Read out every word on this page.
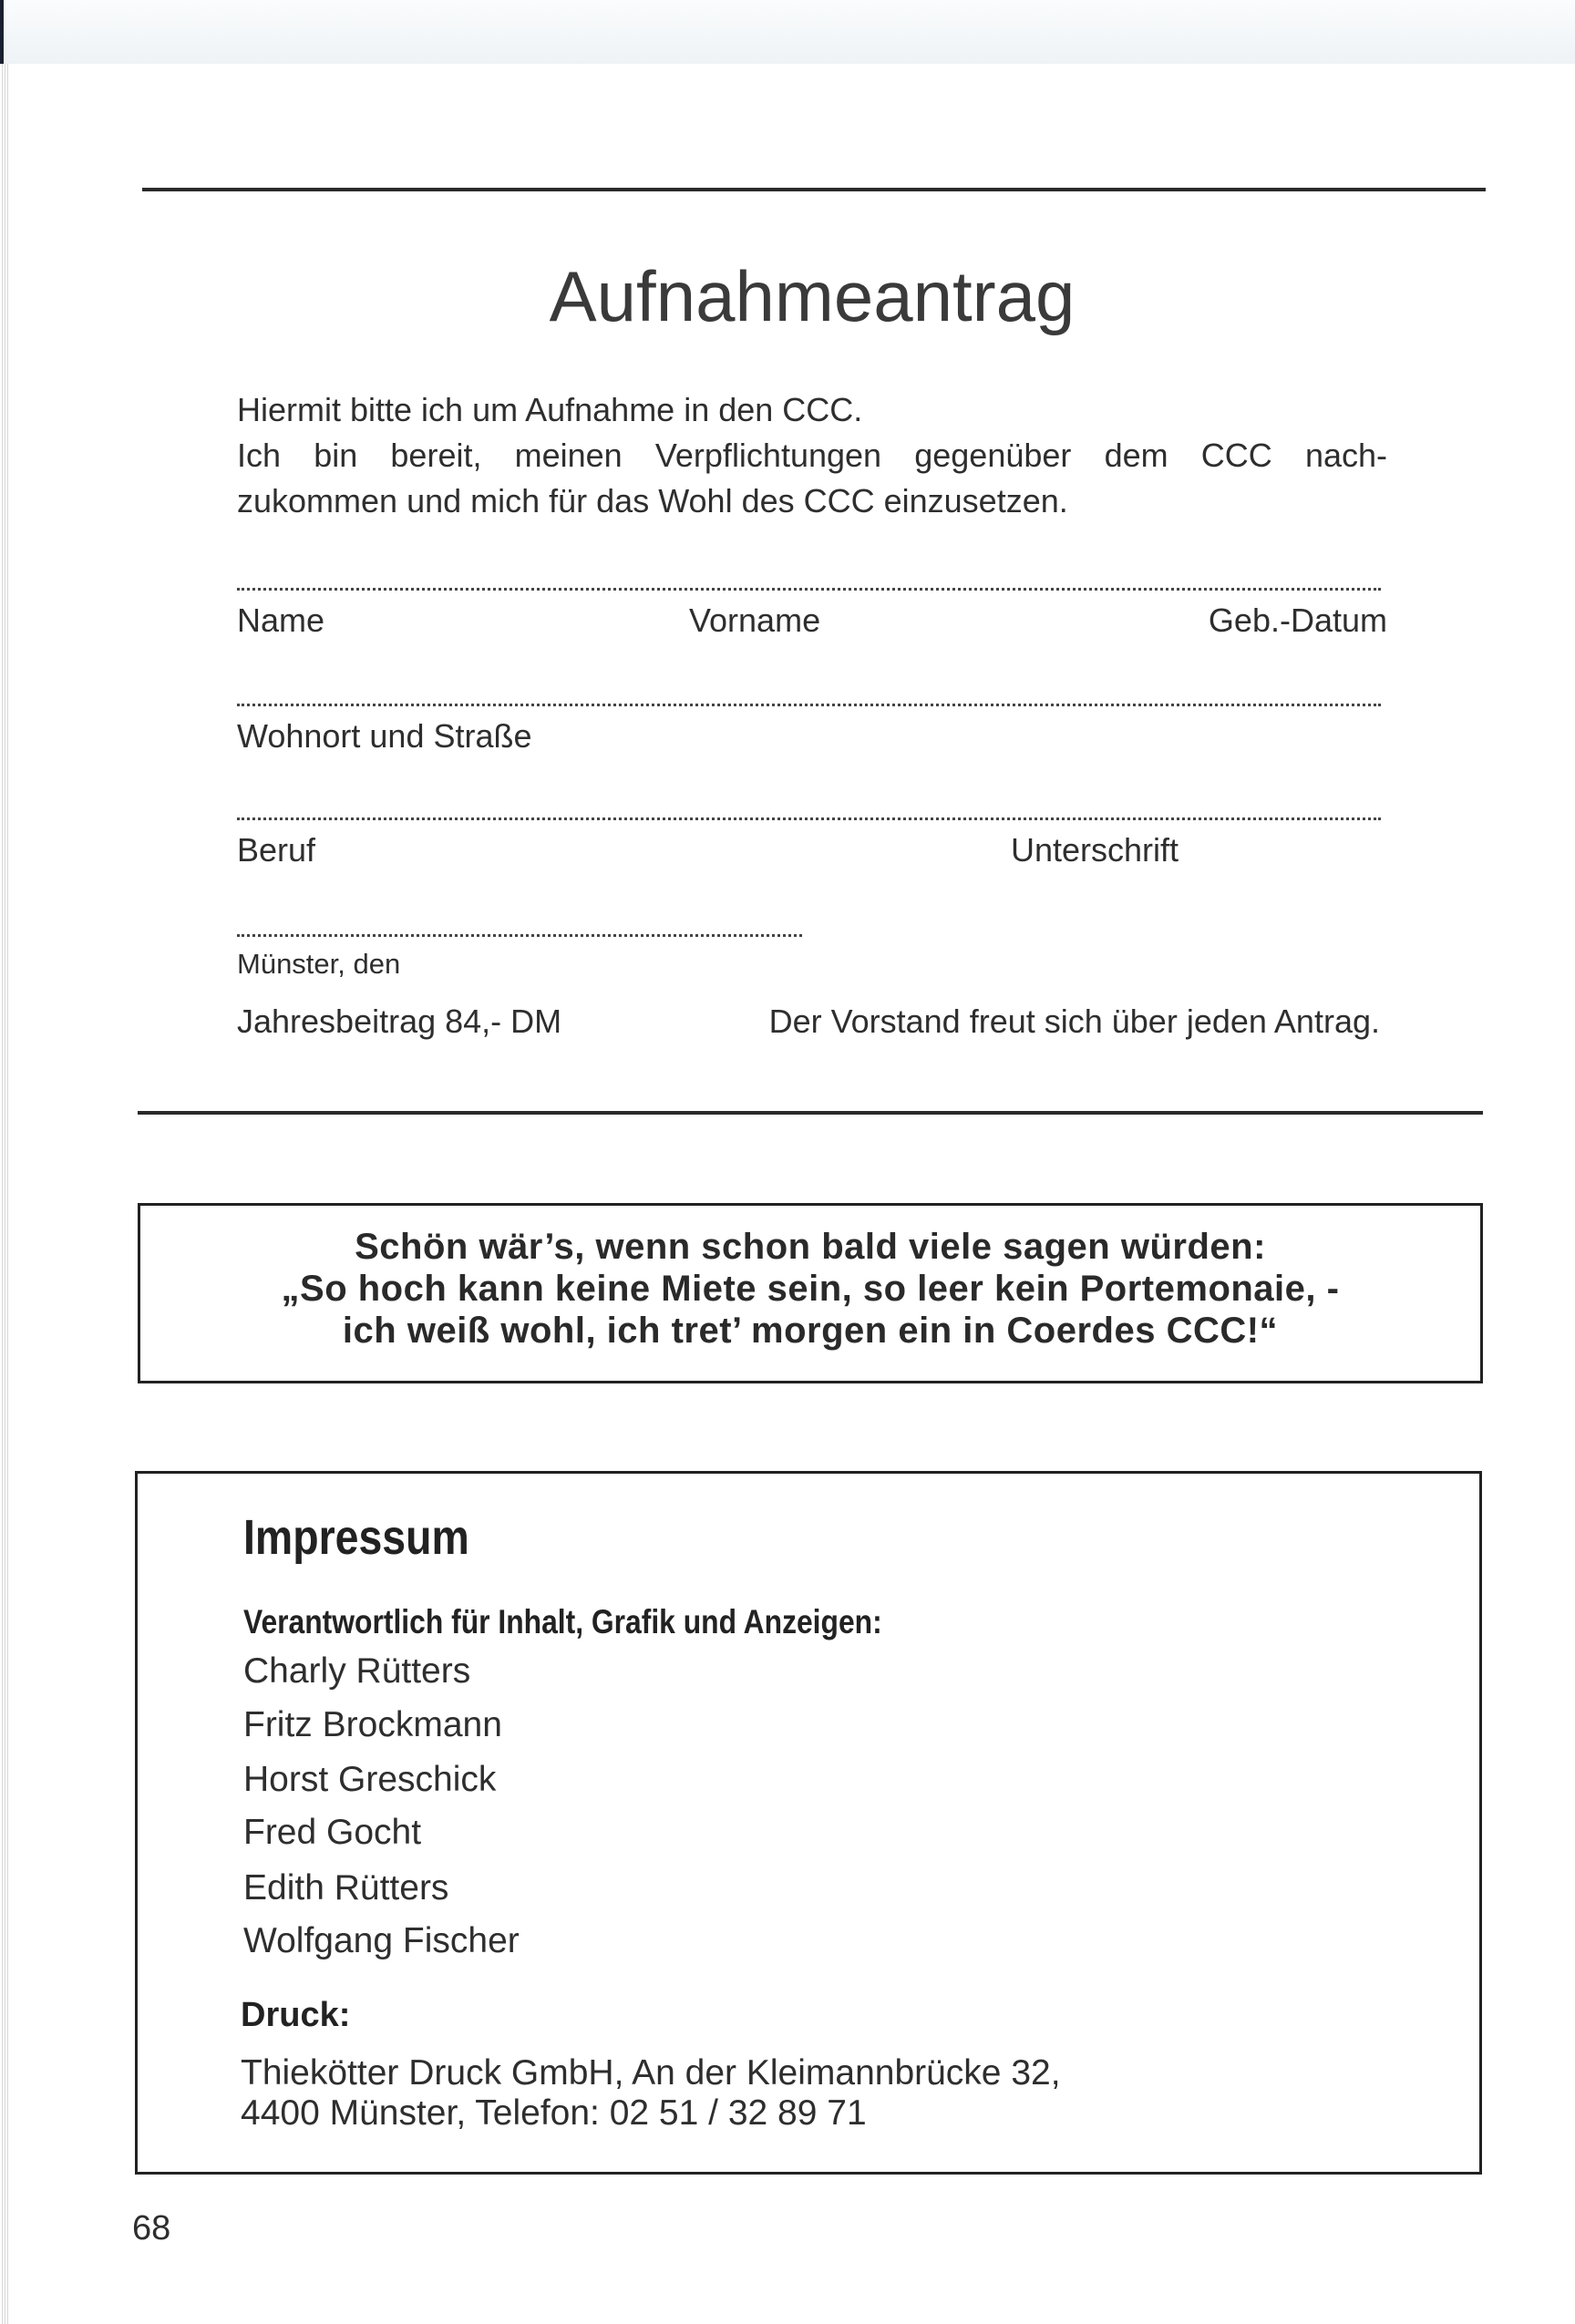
Aufnahmeantrag
Hiermit bitte ich um Aufnahme in den CCC.
Ich bin bereit, meinen Verpflichtungen gegenüber dem CCC nach-
zukommen und mich für das Wohl des CCC einzusetzen.
Name	Vorname	Geb.-Datum
Wohnort und Straße
Beruf	Unterschrift
Münster, den
Jahresbeitrag 84,- DM	Der Vorstand freut sich über jeden Antrag.
Schön wär’s, wenn schon bald viele sagen würden:
„So hoch kann keine Miete sein, so leer kein Portemonaie, -
ich weiß wohl, ich tret’ morgen ein in Coerdes CCC!“
Impressum
Verantwortlich für Inhalt, Grafik und Anzeigen:
Charly Rütters
Fritz Brockmann
Horst Greschick
Fred Gocht
Edith Rütters
Wolfgang Fischer
Druck:
Thiekötter Druck GmbH, An der Kleimannbrücke 32,
4400 Münster, Telefon: 02 51 / 32 89 71
68
